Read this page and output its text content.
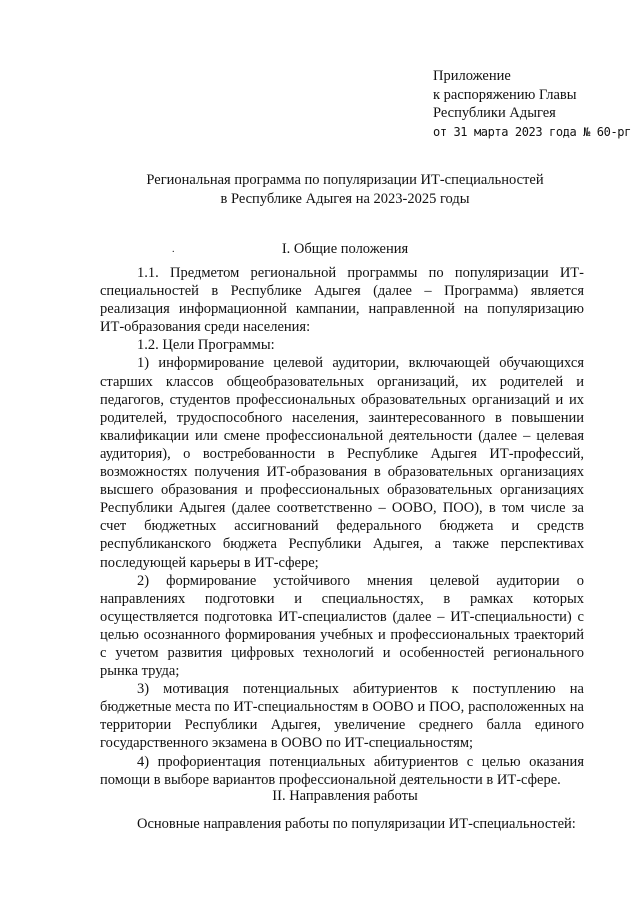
Приложение
к распоряжению Главы
Республики Адыгея
от 31 марта 2023 года № 60-рг
Региональная программа по популяризации ИТ-специальностей
в Республике Адыгея на 2023-2025 годы
.	I. Общие положения

1.1. Предметом региональной программы по популяризации ИТ-специальностей в Республике Адыгея (далее – Программа) является реализация информационной кампании, направленной на популяризацию ИТ-образования среди населения:

1.2. Цели Программы:

1) информирование целевой аудитории, включающей обучающихся старших классов общеобразовательных организаций, их родителей и педагогов, студентов профессиональных образовательных организаций и их родителей, трудоспособного населения, заинтересованного в повышении квалификации или смене профессиональной деятельности (далее – целевая аудитория), о востребованности в Республике Адыгея ИТ-профессий, возможностях получения ИТ-образования в образовательных организациях высшего образования и профессиональных образовательных организациях Республики Адыгея (далее соответственно – ООВО, ПОО), в том числе за счет бюджетных ассигнований федерального бюджета и средств республиканского бюджета Республики Адыгея, а также перспективах последующей карьеры в ИТ-сфере;

2) формирование устойчивого мнения целевой аудитории о направлениях подготовки и специальностях, в рамках которых осуществляется подготовка ИТ-специалистов (далее – ИТ-специальности) с целью осознанного формирования учебных и профессиональных траекторий с учетом развития цифровых технологий и особенностей регионального рынка труда;

3) мотивация потенциальных абитуриентов к поступлению на бюджетные места по ИТ-специальностям в ООВО и ПОО, расположенных на территории Республики Адыгея, увеличение среднего балла единого государственного экзамена в ООВО по ИТ-специальностям;

4) профориентация потенциальных абитуриентов с целью оказания помощи в выборе вариантов профессиональной деятельности в ИТ-сфере.

II. Направления работы
Основные направления работы по популяризации ИТ-специальностей:
